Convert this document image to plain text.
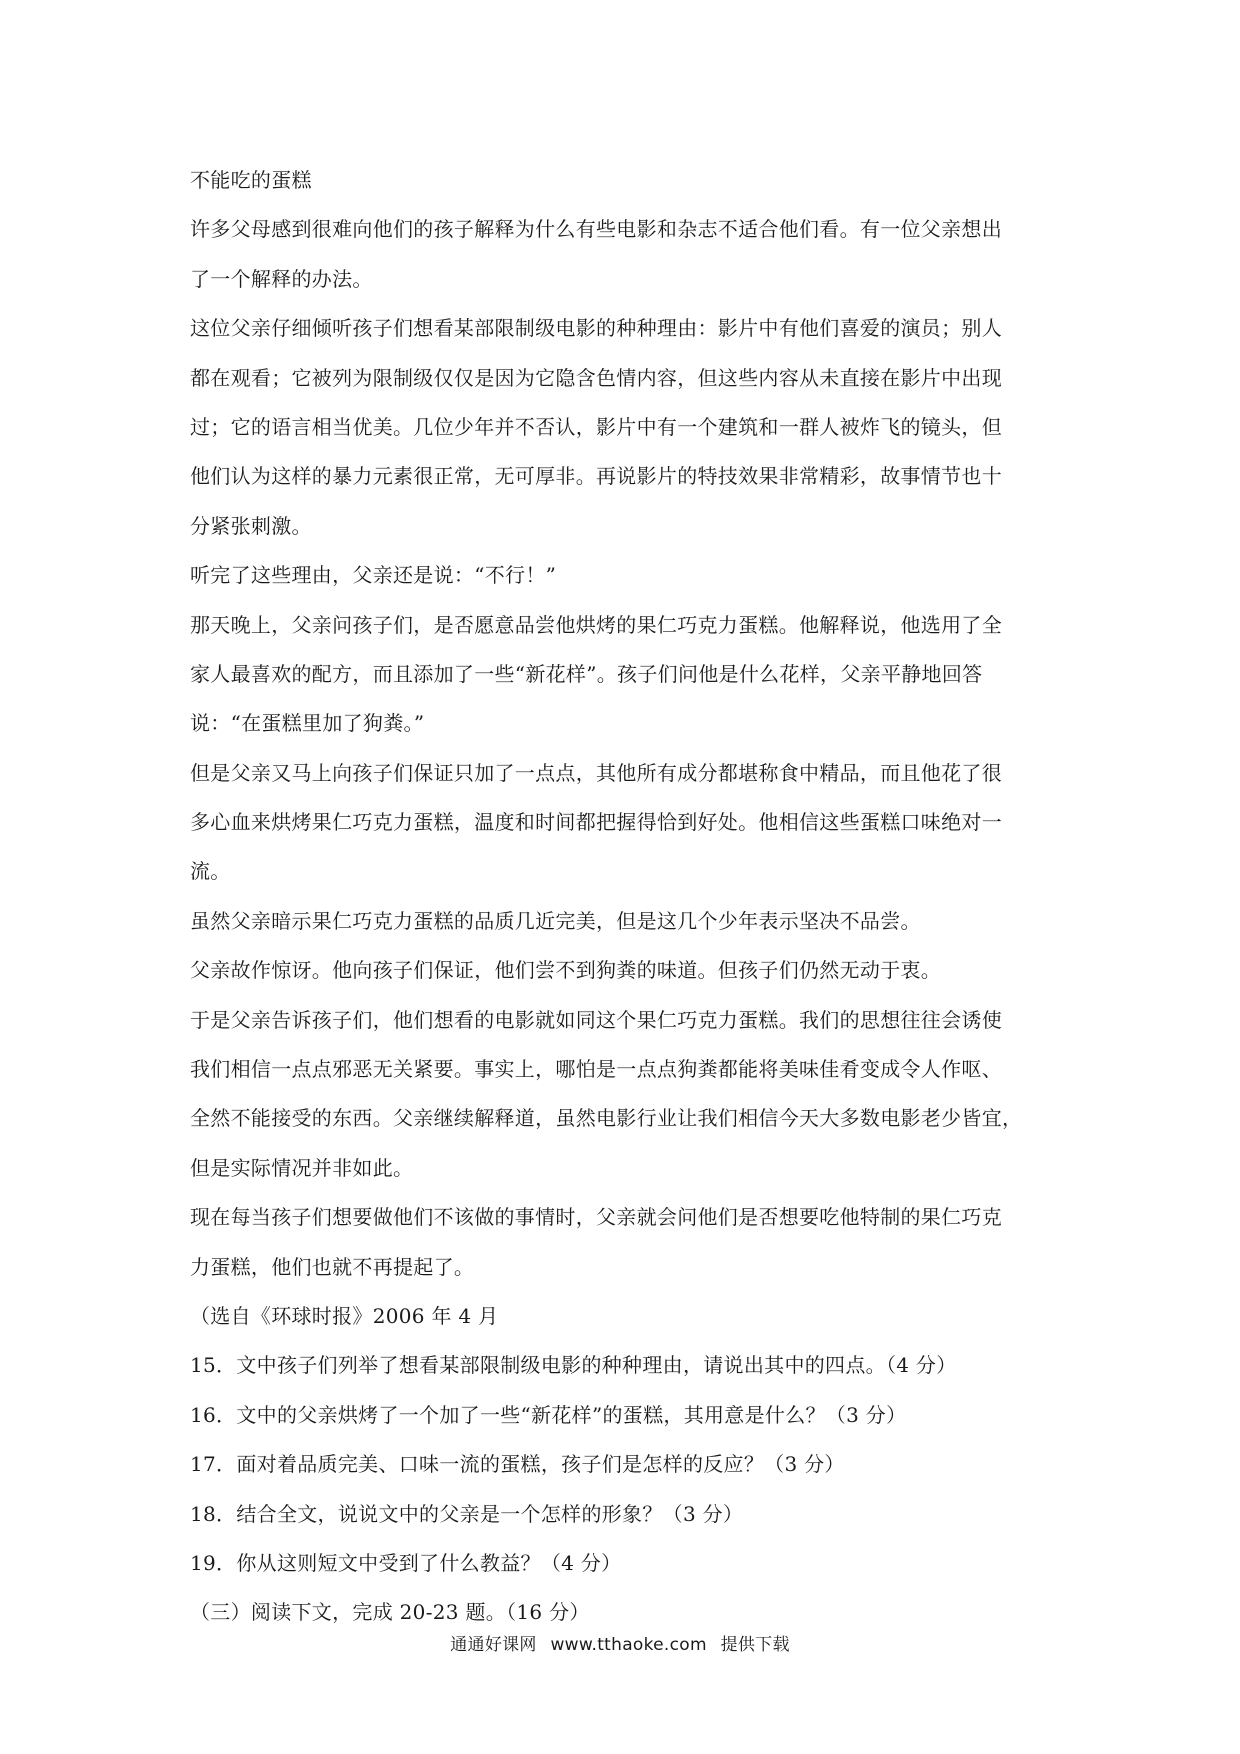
不能吃的蛋糕
许多父母感到很难向他们的孩子解释为什么有些电影和杂志不适合他们看。有一位父亲想出
了一个解释的办法。
这位父亲仔细倾听孩子们想看某部限制级电影的种种理由：影片中有他们喜爱的演员；别人
都在观看；它被列为限制级仅仅是因为它隐含色情内容，但这些内容从未直接在影片中出现
过；它的语言相当优美。几位少年并不否认，影片中有一个建筑和一群人被炸飞的镜头，但
他们认为这样的暴力元素很正常，无可厚非。再说影片的特技效果非常精彩，故事情节也十
分紧张刺激。
听完了这些理由，父亲还是说：“不行！”
那天晚上，父亲问孩子们，是否愿意品尝他烘烤的果仁巧克力蛋糕。他解释说，他选用了全
家人最喜欢的配方，而且添加了一些“新花样”。孩子们问他是什么花样，父亲平静地回答
说：“在蛋糕里加了狗粪。”
但是父亲又马上向孩子们保证只加了一点点，其他所有成分都堪称食中精品，而且他花了很
多心血来烘烤果仁巧克力蛋糕，温度和时间都把握得恰到好处。他相信这些蛋糕口味绝对一
流。
虽然父亲暗示果仁巧克力蛋糕的品质几近完美，但是这几个少年表示坚决不品尝。
父亲故作惊讶。他向孩子们保证，他们尝不到狗粪的味道。但孩子们仍然无动于衷。
于是父亲告诉孩子们，他们想看的电影就如同这个果仁巧克力蛋糕。我们的思想往往会诱使
我们相信一点点邪恶无关紧要。事实上，哪怕是一点点狗粪都能将美味佳肴变成令人作呕、
全然不能接受的东西。父亲继续解释道，虽然电影行业让我们相信今天大多数电影老少皆宜，
但是实际情况并非如此。
现在每当孩子们想要做他们不该做的事情时，父亲就会问他们是否想要吃他特制的果仁巧克
力蛋糕，他们也就不再提起了。
（选自《环球时报》2006 年 4 月
15．文中孩子们列举了想看某部限制级电影的种种理由，请说出其中的四点。（4 分）
16．文中的父亲烘烤了一个加了一些“新花样”的蛋糕，其用意是什么？（3 分）
17．面对着品质完美、口味一流的蛋糕，孩子们是怎样的反应？（3 分）
18．结合全文，说说文中的父亲是一个怎样的形象？（3 分）
19．你从这则短文中受到了什么教益？（4 分）
（三）阅读下文，完成 20-23 题。（16 分）
通通好课网 www.tthaoke.com 提供下载
